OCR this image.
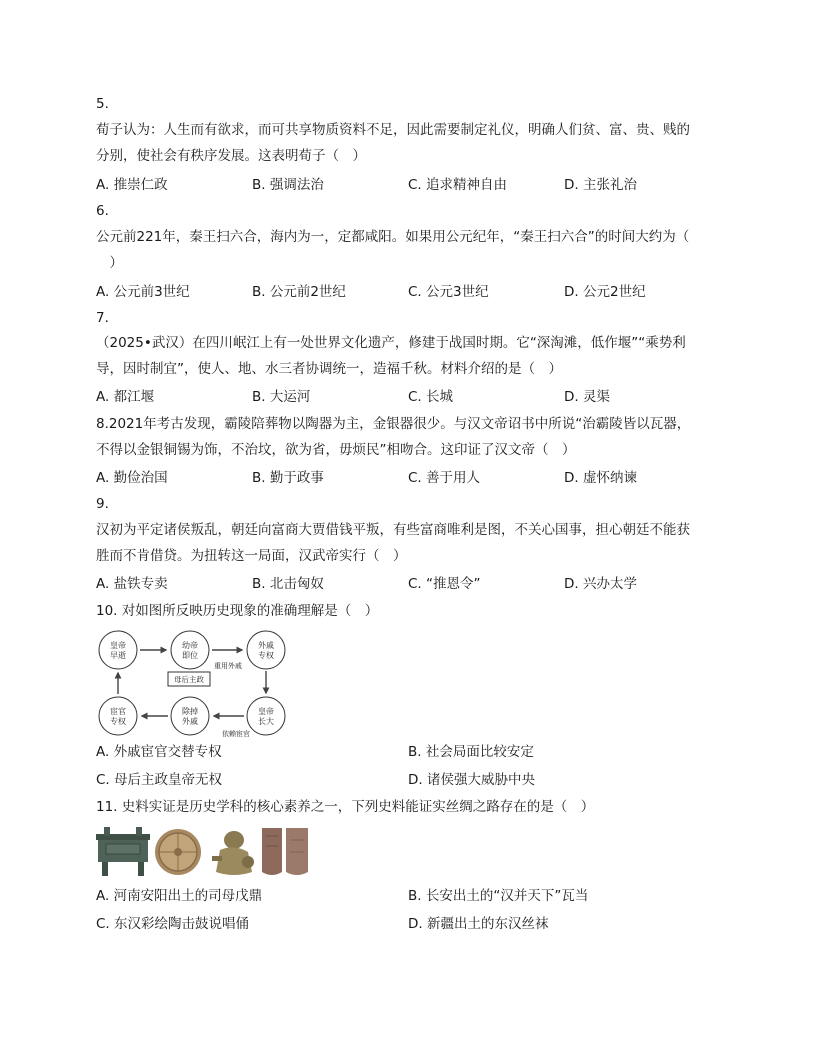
5.
荀子认为：人生而有欲求，而可共享物质资料不足，因此需要制定礼仪，明确人们贫、富、贵、贱的
分别，使社会有秩序发展。这表明荀子（　）
A. 推崇仁政	B. 强调法治	C. 追求精神自由	D. 主张礼治
6.
公元前221年，秦王扫六合，海内为一，定都咸阳。如果用公元纪年，“秦王扫六合”的时间大约为（
　）
A. 公元前3世纪	B. 公元前2世纪	C. 公元3世纪	D. 公元2世纪
7.
（2025•武汉）在四川岷江上有一处世界文化遗产，修建于战国时期。它“深淘滩，低作堰”“乘势利
导，因时制宜”，使人、地、水三者协调统一，造福千秋。材料介绍的是（　）
A. 都江堰	B. 大运河	C. 长城	D. 灵渠
8.2021年考古发现，霸陵陪葬物以陶器为主，金银器很少。与汉文帝诏书中所说“治霸陵皆以瓦器，
不得以金银铜锡为饰，不治坟，欲为省，毋烦民”相吻合。这印证了汉文帝（　）
A. 勤俭治国	B. 勤于政事	C. 善于用人	D. 虚怀纳谏
9.
汉初为平定诸侯叛乱，朝廷向富商大贾借钱平叛，有些富商唯利是图，不关心国事，担心朝廷不能获
胜而不肯借贷。为扭转这一局面，汉武帝实行（　）
A. 盐铁专卖	B. 北击匈奴	C. “推恩令”	D. 兴办太学
10. 对如图所反映历史现象的准确理解是（　）
皇帝
早逝
幼帝
即位
外戚
专权
皇帝
长大
除掉
外戚
宦官
专权
母后主政
重用外戚
依赖宦官
A. 外戚宦官交替专权	B. 社会局面比较安定
C. 母后主政皇帝无权	D. 诸侯强大威胁中央
11. 史料实证是历史学科的核心素养之一，下列史料能证实丝绸之路存在的是（　）
A. 河南安阳出土的司母戊鼎	B. 长安出土的“汉并天下”瓦当
C. 东汉彩绘陶击鼓说唱俑	D. 新疆出土的东汉丝袜
